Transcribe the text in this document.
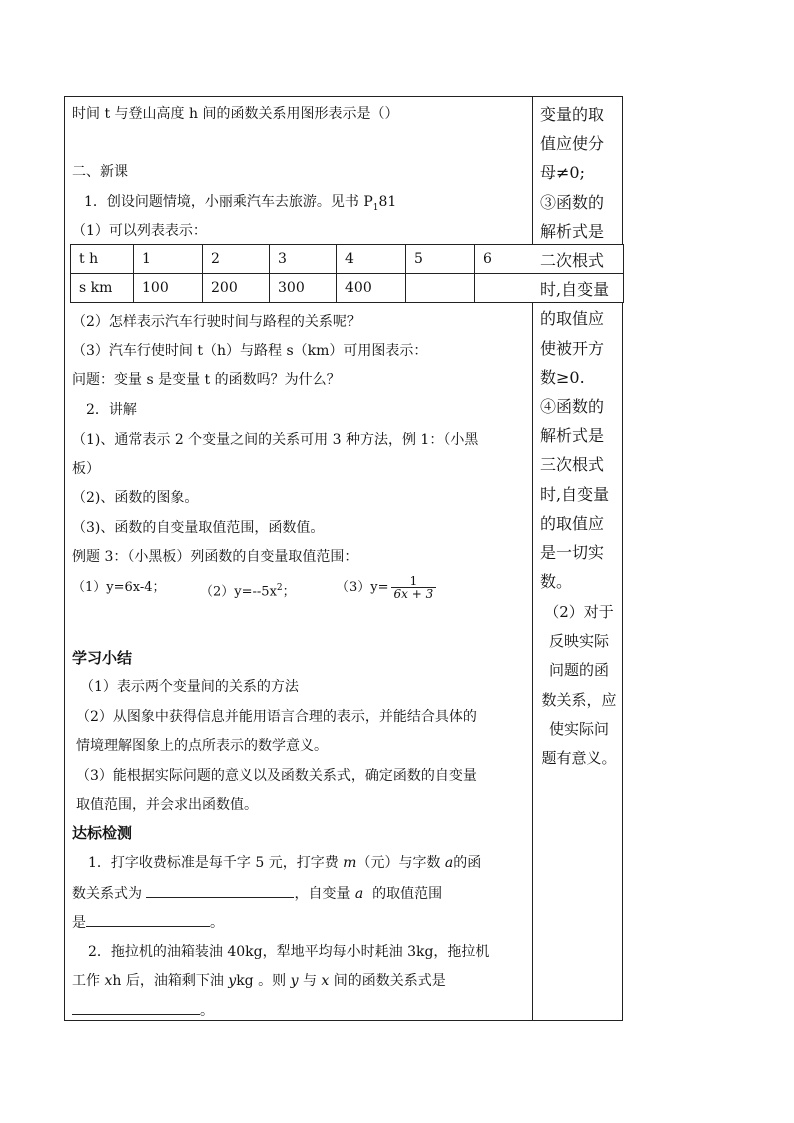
时间 t 与登山高度 h 间的函数关系用图形表示是（）
二、新课
1．创设问题情境，小丽乘汽车去旅游。见书 $P_181$
（1）可以列表表示：
t h	1	2	3	4	5	6
s km	100	200	300	400		
（2）怎样表示汽车行驶时间与路程的关系呢？
（3）汽车行使时间 t（h）与路程 s（km）可用图表示：
问题：变量 s 是变量 t 的函数吗？为什么？
2．讲解
（1)、通常表示 2 个变量之间的关系可用 3 种方法，例 1：（小黑
板）
（2)、函数的图象。
（3)、函数的自变量取值范围，函数值。
例题 3：（小黑板）列函数的自变量取值范围：
（1）y=6x-4；	$(2)y=--5x^2$；	$(3)y= \frac{1}{6x + 3}$
学习小结
（1）表示两个变量间的关系的方法
（2）从图象中获得信息并能用语言合理的表示，并能结合具体的
情境理解图象上的点所表示的数学意义。
（3）能根据实际问题的意义以及函数关系式，确定函数的自变量
取值范围，并会求出函数值。
达标检测
1．打字收费标准是每千字 5 元，打字费 m（元）与字数 a的函
数关系式为	，自变量 a 的取值范围
是	。
2．拖拉机的油箱装油 40kg，犁地平均每小时耗油 3kg，拖拉机
工作 xh 后，油箱剩下油 ykg 。则 y 与 x 间的函数关系式是
。
变量的取
值应使分
母≠0;
③函数的
解析式是
二次根式
时,自变量
的取值应
使被开方
数≥0.
④函数的
解析式是
三次根式
时,自变量
的取值应
是一切实
数。
（2）对于
反映实际
问题的函
数关系，应
使实际问
题有意义。
